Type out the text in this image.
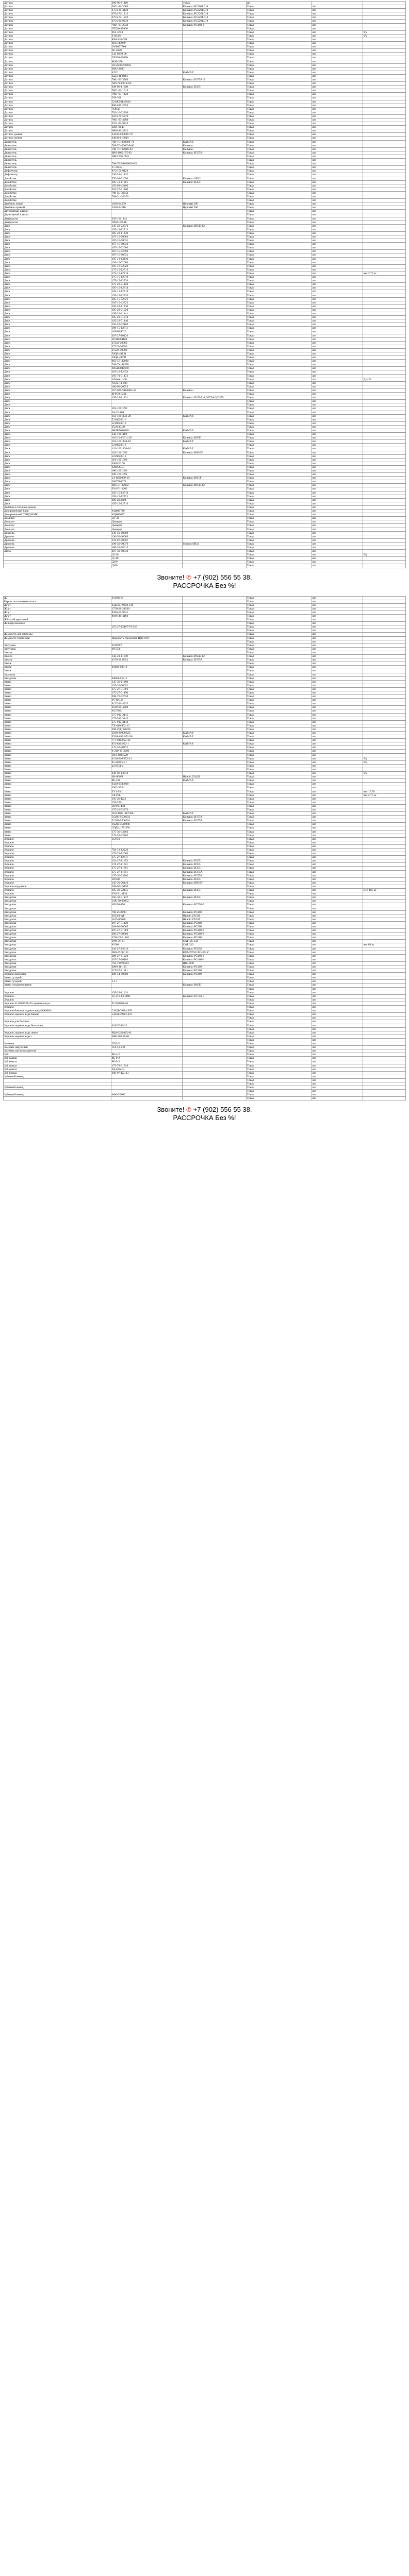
Датчик	206-06-61110	Товар	шт		
Датчик	6261-81-3600	Komatsu PC200LC-8	Товар	шт	
Датчик	6754-21-4120	Komatsu PC220LC-8	Товар	шт	
Датчик	6754-72-1212	Komatsu PC220LC-8	Товар	шт	
Датчик	6754-72-1220	Komatsu PC220LC-8	Товар	шт	
Датчик	6754-81-9240	Komatsu PC220LC-8	Товар	шт	
Датчик	7861-93-2330	Komatsu PC400-6	Товар	шт	
Датчик	D5520-15000		Товар	шт	
Датчик	961-3753		Товар	шт	б/у
Датчик	T36516		Товар	шт	б/у
Датчик	R90-210-098		Товар	шт	
Датчик	1103-40960		Товар	шт	
Датчик	1W0877700		Товар	шт	
Датчик	3E-3920		Товар	шт	
Датчик	542-0270-00		Товар	шт	
Датчик	D5200-00090		Товар	шт	
Датчик	M90-370		Товар	шт	
Датчик	WG2209200003		Товар	шт	
Датчик	6682-3000		Товар	шт	
Датчик	4222	KAMAZ	Товар	шт	
Датчик	6223-11-8281		Товар	шт	
Датчик	7861-93-3580	Komatsu D375A-5	Товар	шт	
Датчик	ND178300-3350		Товар	шт	
Датчик	198-06-11160	Komatsu D355	Товар	шт	
Датчик	7861-92-1610		Товар	шт	
Датчик	7861-93-1420		Товар	шт	
Датчик	358-308		Товар	шт	
Датчик	5230030140020		Товар	шт	
Датчик	800-819-2550		Товар	шт	
Датчик	7S8511		Товар	шт	
Датчик	702-16-02290		Товар	шт	
Датчик	6223-70-5270		Товар	шт	
Датчик	7861-93-4200		Товар	шт	
Датчик	6741-81-9220		Товар	шт	
Датчик	1201-0043		Товар	шт	
Датчик	6008-41-2112		Товар	шт	
Датчик уровня	34439-630016-70		Товар	шт	
Датчик уровня	34039-610019		Товар	шт	
Двигатель	708-7G-000000-71	KAMAZ	Товар	шт	
Двигатель	708-7G-000030-00	Komatsu	Товар	шт	
Двигатель	708-7G-00040-02	Komatsu	Товар	шт	
Двигатель	6H6-1000175-02	Komatsu D375A	Товар	шт	
Двигатель	ЯМЗ 238 ГМ2		Товар	шт	
Двигатель			Товар	шт	
Двигатель	708-7B5-1000003-05		Товар	шт	
Двигатель	17-2SG5		Товар	шт	
Дефлектор	8755-51-9120		Товар	шт	
Дефлектор	220-51-21132		Товар	шт	
Джойстик	570-99-32090	Komatsu SD22	Товар	шт	
Джойстик	195-13-11001	Komatsu D355	Товар	шт	
Джойстик	195-03-42490		Товар	шт	
Джойстик	207-27-61160		Товар	шт	
Джойстик	708-2L-33151		Товар	шт	
Джойстик	708-2L-33150		Товар	шт	
Джойстик			Товар	шт	
Двойник левый	1030-24209	Hyundai 200	Товар	шт	
Двойник правый	1030-24210	Hyundai 200	Товар	шт	
Двухтавный клапан			Товар	шт	
Двухтавный клапан			Товар	шт	
Диафрагма	259-1911142		Товар	шт	
Диафрагма	D958-3754R		Товар	шт	
Диск	145-22-22370	Komatsu D65E-12	Товар	шт	
Диск	195-13-12712		Товар	шт	
Диск	195-22-11230		Товар	шт	
Диск	167-15-00003		Товар	шт	
Диск	167-15-00031		Товар	шт	
Диск	167-15-00033		Товар	шт	
Диск	167-15-02000		Товар	шт	
Диск	187-15-02000		Товар	шт	
Диск	187-15-00031		Товар	шт	
Диск	195-13-13430		Товар	шт	
Диск	195-16-02000		Товар	шт	
Диск	195-16-02029		Товар	шт	
Диск	175-15-12713		Товар	шт	
Диск	175-15-12714		Товар	шт	вес 2,75 кг
Диск	175-15-12719		Товар	шт	
Диск	175-15-12730		Товар	шт	
Диск	175-22-21150		Товар	шт	
Диск	195-15-12714		Товар	шт	
Диск	195-15-12719		Товар	шт	
Диск	195-15-12730		Товар	шт	
Диск	195-15-42721		Товар	шт	
Диск	195-15-42722		Товар	шт	
Диск	195-22-11230		Товар	шт	
Диск	195-22-21220		Товар	шт	
Диск	195-22-31141		Товар	шт	
Диск	195-22-31210		Товар	шт	
Диск	195-22-71140		Товар	шт	
Диск	195-22-72160		Товар	шт	
Диск	198-15-12711		Товар	шт	
Диск	2050909020		Товар	шт	
Диск	207-27-16120		Товар	шт	
Диск	3G9B8OR08		Товар	шт	
Диск	37222-20580		Товар	шт	
Диск	37222-20590		Товар	шт	
Диск	37222-40880		Товар	шт	
Диск	59Q8-41831		Товар	шт	
Диск	59Q8-41791		Товар	шт	
Диск	962-1B-32800		Товар	шт	
Диск	708-7K-91570		Товар	шт	
Диск	60GB0040660		Товар	шт	
Диск	181-10-12932		Товар	шт	
Диск	195-71-31172		Товар	шт	
Диск	ADAA11-00		Товар	шт	Д=422
Диск	AF22-11-000		Товар	шт	
Диск	180-00-20552		Товар	шт	
Диск	167-000-5103002-22	Komatsu	Товар	шт	
Диск	4F6G0-3211		Товар	шт	
Диск	195-22-11231	Komatsu D355A-5,D375A-5,D275	Товар	шт	
Диск			Товар	шт	
Диск			Товар	шт	
Диск	162-1601090		Товар	шт	
Диск	3S-12-109		Товар	шт	
Диск	150-1601133-20	KAMAZ	Товар	шт	
Диск	5210020316		Товар	шт	
Диск	5210020318		Товар	шт	
Диск	6558.30.00		Товар	шт	
Диск	6H5B7001020	KAMAZ	Товар	шт	
Диск	142-1601160		Товар	шт	
Диск	181-10-15611-20	Komatsu D65E	Товар	шт	
Диск	181-1601130-10	KAMAZ	Товар	шт	
Диск	5210020319		Товар	шт	
Диск	142-1601136-10	KAMAZ	Товар	шт	
Диск	162-1601090	Komatsu D60/6F	Товар	шт	
Диск	5210020318		Товар	шт	
Диск	181-1601090		Товар	шт	
Диск	6300.20.00		Товар	шт	
Диск	6300.20.01		Товар	шт	
Диск	180-1601090		Товар	шт	
Диск	180-1601091		Товар	шт	
Диск	54-1601090-10	Komatsu D65/F	Товар	шт	
Диск	2067900071		Товар	шт	
Диск	6H6-51-22002	Komatsu D65E-12	Товар	шт	
Диск	6Y6-51-1202		Товар	шт	
Диск	195-15-12719		Товар	шт	
Диск	195-15-12721		Товар	шт	
Диск	200-Z04060		Товар	шт	
Диск	195-15-12710		Товар	шт	
Добавка в топливо дизель			Товар	шт	
Дозировочный блок	KQ000749		Товар	шт	
Дозировочный ТНВД КМЕ	KQ000677		Товар	шт	
Домкрат	ДГ-20		Товар	шт	
Домкрат	Домкрат		Товар	шт	
Домкрат	Домкрат		Товар	шт	
Домкрат	Домкрат		Товар	шт	
Дросель	130-50-00009		Товар	шт	
Дросель	130-50-00009		Товар	шт	
Дросель	378-07-00007		Товар	шт	
Дросель	196-30-00070	Shantui SD22	Товар	шт	
Дросель	186-30-38612		Товар	шт	
Дюза	207-30-00040		Товар	шт	
	Д/-20		Товар	шт	б/у
	Д/-40		Товар	шт	
	Д/60		Товар	шт	
	Д/80		Товар	шт	
Звоните! ✆ +7 (902) 556 55 38.
РАССРОЧКА Без %!
Ж	ZvSPb/16		Товар	шт	
Евроиспытательная сетка			Товар	шт	
Жгут	35ЖДН-9358-210		Товар	шт	
Жгут	1758-06-21500		Товар	шт	
Жгут	8186-61-9521		Товар	шт	
Жгут	8186-41-4160		Товар	шт	
Жёсткий крестовой			Товар	шт	
Жиклер пылевой			Товар	шт	
	155-27-12107/70-129		Товар	шт	
			Товар	шт	
Жидкость для системы			Товар	шт	
Жидкость тормозная	Жидкость тормозная ROSDOT		Товар	шт	
			Товар	шт	
Заглушка	6240797		Товар	шт	
Заглушка	907556		Товар	шт	
Зажим			Товар	шт	
Зажим	143-21-11190	Komatsu D65E-12	Товар	шт	
Зажим	6170-31-8651	Komatsu D375A	Товар	шт	
Замок			Товар	шт	
Замок	04102-00519		Товар	шт	
Замок			Товар	шт	
Заслонка			Товар	шт	
Звездочка	04001-05912		Товар	шт	
Звено	145-30-11260		Товар	шт	
Звено	155-30-00051		Товар	шт	
Звено	175-27-31091		Товар	шт	
Звено	175-27-31190		Товар	шт	
Звено	208-70-72630		Товар	шт	
Звено	3V-8KLK		Товар	шт	
Звено	8127-41-4932		Товар	шт	
Звено	6128-21-4300		Товар	шт	
Звено	K517KL		Товар	шт	
Звено	175-912-3145		Товар	шт	
Звено	175-912-3145		Товар	шт	
Звено	175-912-3142		Товар	шт	
Звено	7X-810/952-13		Товар	шт	
Звено	208-Z(1)-03830		Товар	шт	
Звено	2108-8105022E	KAMAZ	Товар	шт	
Звено	9Y08-810/952-38	KAMAZ	Товар	шт	
Звено	777-810/952-32		Товар	шт	
Звено	873-810/952-1	KAMAZ	Товар	шт	
Звено	175-30-00471		Товар	шт	
Звено	9-210-10-3006		Товар	шт	
Звено	D13-4005520		Товар	шт	
Звено	9120-810/952-12		Товар	шт	б/у
Звено	81-00055-L1		Товар	шт	б/у
Звено	д1/0551-a		Товар	шт	
Звено			Товар	шт	
Звено	238-06-13910		Товар	шт	б/у
Звено	3H-00078	Hitachi ZX450	Товар	шт	
Звено	8E-331	KAMAZ	Товар	шт	
Звено	9320-9780090		Товар	шт	
Звено	3302-3754		Товар	шт	
Звено	TV1/SVL		Товар	шт	вес 17,70
Звено	VA1YL		Товар	шт	вес 2,75 кг
Звено	195-20-K22		Товар	шт	
Звено	195-3761		Товар	шт	
Звено	ВСУВ-458		Товар	шт	
Звено	175-20-52270		Товар	шт	
Звено	1187400+1187400	KAMAZ	Товар	шт	
Звено	51205-9500033	Komatsu D375A	Товар	шт	
Звено	51205-9500034	Komatsu D375A	Товар	шт	
Звено	D5ZE-9500046		Товар	шт	
Звено	ЛЭДЦ 175-370		Товар	шт	
Звено	175-30-33262		Товар	шт	
Звено	175-30-33262		Товар	шт	
Зеркало	LQ 6,0		Товар	шт	
Зеркало			Товар	шт	
Зеркало			Товар	шт	
Зеркало	702-12-12220		Товар	шт	
Зеркало	175-23-12600		Товар	шт	
Зеркало	175-27-12611		Товар	шт	
Зеркало	154-27-11652	Komatsu D355	Товар	шт	
Зеркало	174-27-11621	Komatsu D355	Товар	шт	
Зеркало	175-27-11691	Komatsu D355	Товар	шт	
Зеркало	175-27-11611	Komatsu D375A	Товар	шт	
Зеркало	175-30-33262	Komatsu D375A	Товар	шт	
Зеркало	W6500	Komatsu D355	Товар	шт	
Зеркало	145-30-26140	Komatsu D60/6F	Товар	шт	
Зеркало наружное	208-904-9190		Товар	шт	
Зеркало	195-30-22145	Komatsu D355	Товар	шт	Вес 105 кг
Зеркало	6Y6-21-1140		Товар	шт	
Звездочка	195-30-51172	Komatsu D355	Товар	шт	
Звездочка	14X-30-00052		Товар	шт	
Звездочка	HS230-190	Komatsu PC750-7	Товар	шт	
Звездочка			Товар	шт	
Звездочка	708-2H2090	Komatsu PC400	Товар	шт	
Звездочка	302200 AT	Hitachi ZX330	Товар	шт	
Звездочка	1165-00098	Hitachi ZX330	Товар	шт	
Звездочка	207-27-71120	Komatsu PC400	Товар	шт	
Звездочка	208-00-00065	Komatsu PC300	Товар	шт	
Звездочка	207-27-71080	Komatsu PC400-8	Товар	шт	
Звездочка	208-27-00380	Komatsu PC400-8	Товар	шт	
Звездочка	22W-27-11110	Komatsu PC400	Товар	шт	
Звездочка	10W-27-11	CAT 325 LB	Товар	шт	
Звездочка	KV00	CAT 330	Товар	шт	вес 89 кг
Звездочка	210-27-13310	Komatsu PC850	Товар	шт	
Звездочка	2B8-27-99132	KOMATSU PC400LC	Товар	шт	
Звездочка	208-27-61220	Komatsu PC400-6	Товар	шт	
Звездочка	207-27-00103	Komatsu PC400-6	Товар	шт	
Звездочка	702-7ZP66001	HD4-900	Товар	шт	
Звездочка	2000-11-123	Komatsu PC400	Товар	шт	
Звездочка	21T-27-11111	Komatsu PC400	Товар	шт	
Зеркало наружное	208-54-00380	Komatsu PC400	Товар	шт	
Звено сухарей			Товар	шт	
Звено сухарей	1.1.1		Товар	шт	
Звено соединительное		Komatsu D65E	Товар	шт	
			Товар	шт	
Зеркало	195-32-11124		Товар	шт	
Зеркало	12-210-13-0001	Komatsu PC750-7	Товар	шт	
Зеркало			Товар	шт	
Зеркало 41.820263В-20 заднего вида с	01 820263-20		Товар	шт	
Зеркало			Товар	шт	
Зеркало боковое заднего вида КАМАЗ	С4ЕД-09201.076		Товар	шт	
Зеркало заднего вида КамАЗ	С4ЕД-09201.076		Товар	шт	
			Товар	шт	
Зеркало для боковое			Товар	шт	
Зеркало заднего вида большое с	01820263-20		Товар	шт	
			Товар	шт	
Зеркало заднего вида левое	9Ц0-8201025-01		Товар	шт	
Зеркало заднего вида с	6Ф0.202.20-01		Товар	шт	
			Товар	шт	
Змеевик	ПЛ1-5		Товар	шт	
Змеевик наружный	ПЛ 2,4-2,8		Товар	шт	
Змеевик маслоохладителя			Товар	шт	
Зуб	8Е-4-2		Товар	шт	
Зуб ковша	8Е-9-2		Товар	шт	
Зуб ковша	8Е-5-3		Товар	шт	
Зуб ковша	175-78-31230		Товар	шт	
Зуб ковша	2Д-Б36-64		Товар	шт	
Зуб ковша	206-07-K2113		Товар	шт	
Зубчатый венец			Товар	шт	
			Товар	шт	
			Товар	шт	
Зубчатый венец			Товар	шт	
			Товар	шт	
Зубчатый венец	6Ф0-3Е002		Товар	шт	
			Товар	шт	
Звоните! ✆ +7 (902) 556 55 38.
РАССРОЧКА Без %!
